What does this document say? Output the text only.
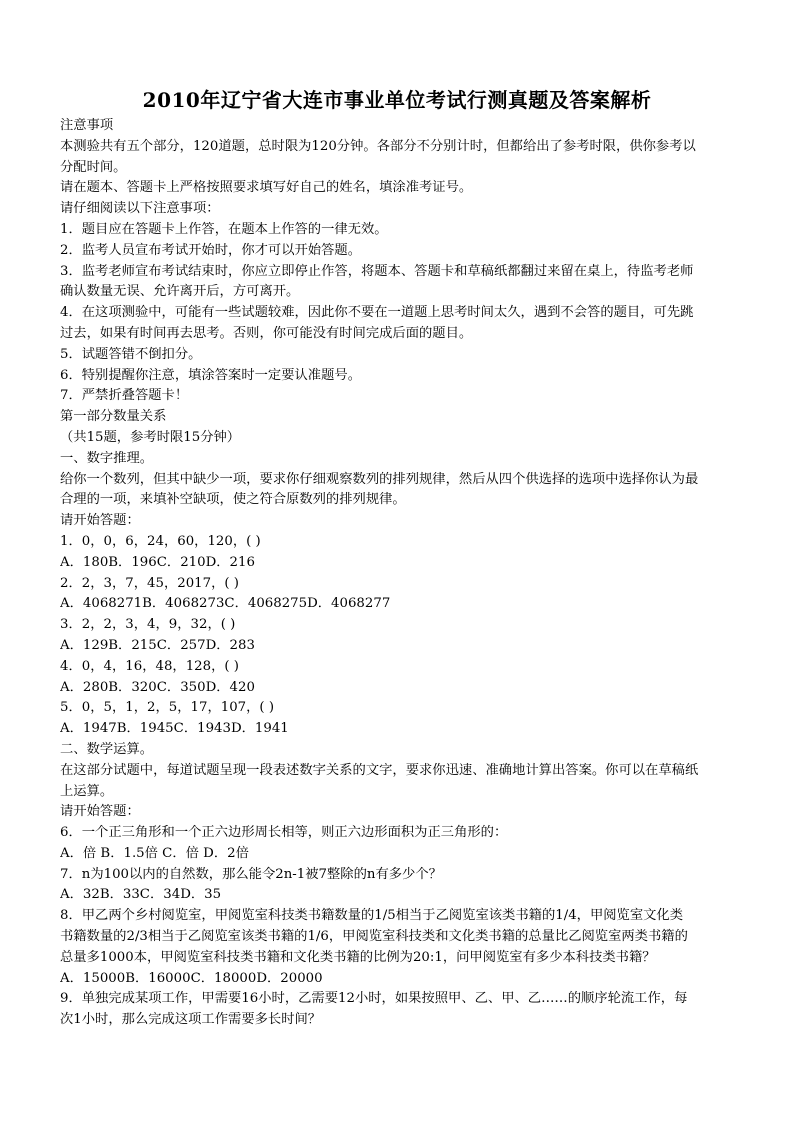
2010年辽宁省大连市事业单位考试行测真题及答案解析
注意事项
本测验共有五个部分，120道题，总时限为120分钟。各部分不分别计时，但都给出了参考时限，供你参考以
分配时间。
请在题本、答题卡上严格按照要求填写好自己的姓名，填涂准考证号。
请仔细阅读以下注意事项：
1．题目应在答题卡上作答，在题本上作答的一律无效。
2．监考人员宣布考试开始时，你才可以开始答题。
3．监考老师宣布考试结束时，你应立即停止作答，将题本、答题卡和草稿纸都翻过来留在桌上，待监考老师
确认数量无误、允许离开后，方可离开。
4．在这项测验中，可能有一些试题较难，因此你不要在一道题上思考时间太久，遇到不会答的题目，可先跳
过去，如果有时间再去思考。否则，你可能没有时间完成后面的题目。
5．试题答错不倒扣分。
6．特别提醒你注意，填涂答案时一定要认准题号。
7．严禁折叠答题卡！
第一部分数量关系
（共15题，参考时限15分钟）
一、数字推理。
给你一个数列，但其中缺少一项，要求你仔细观察数列的排列规律，然后从四个供选择的选项中选择你认为最
合理的一项，来填补空缺项，使之符合原数列的排列规律。
请开始答题：
1．0，0，6，24，60，120，( )
A．180B．196C．210D．216
2．2，3，7，45，2017，( )
A．4068271B．4068273C．4068275D．4068277
3．2，2，3，4，9，32，( )
A．129B．215C．257D．283
4．0，4，16，48，128，( )
A．280B．320C．350D．420
5．0，5，1，2，5，17，107，( )
A．1947B．1945C．1943D．1941
二、数学运算。
在这部分试题中，每道试题呈现一段表述数字关系的文字，要求你迅速、准确地计算出答案。你可以在草稿纸
上运算。
请开始答题：
6．一个正三角形和一个正六边形周长相等，则正六边形面积为正三角形的：
A．倍 B．1.5倍 C．倍 D．2倍
7．n为100以内的自然数，那么能令2n-1被7整除的n有多少个？
A．32B．33C．34D．35
8．甲乙两个乡村阅览室，甲阅览室科技类书籍数量的1/5相当于乙阅览室该类书籍的1/4，甲阅览室文化类
书籍数量的2/3相当于乙阅览室该类书籍的1/6，甲阅览室科技类和文化类书籍的总量比乙阅览室两类书籍的
总量多1000本，甲阅览室科技类书籍和文化类书籍的比例为20:1，问甲阅览室有多少本科技类书籍？
A．15000B．16000C．18000D．20000
9．单独完成某项工作，甲需要16小时，乙需要12小时，如果按照甲、乙、甲、乙……的顺序轮流工作，每
次1小时，那么完成这项工作需要多长时间？
